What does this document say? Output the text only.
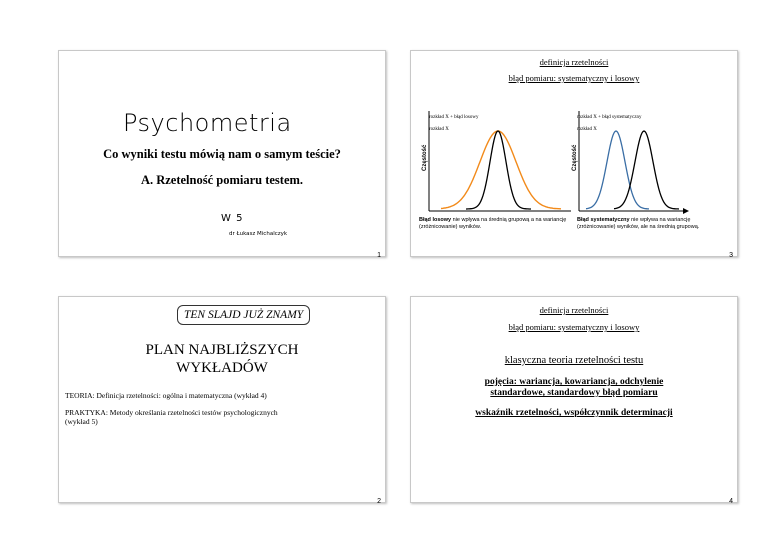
Psychometria
Co wyniki testu mówią nam o samym teście?
A. Rzetelność pomiaru testem.
W 5
dr Łukasz Michalczyk
1
definicja rzetelności
błąd pomiaru: systematyczny i losowy
Częstość	Częstość
rozkład X + błąd losowy
rozkład X
rozkład X + błąd systematyczny
rozkład X
Błąd losowy nie wpływa na średnią grupową a na wariancję (zróżnicowanie) wyników.
Błąd systematyczny nie wpływa na wariancję (zróżnicowanie) wyników, ale na średnią grupową.
3
TEN SLAJD JUŻ ZNAMY
PLAN NAJBLIŻSZYCH
WYKŁADÓW
TEORIA: Definicja rzetelności: ogólna i matematyczna (wykład 4)
PRAKTYKA: Metody określania rzetelności testów psychologicznych (wykład 5)
2
definicja rzetelności
błąd pomiaru: systematyczny i losowy
klasyczna teoria rzetelności testu
pojęcia: wariancja, kowariancja, odchylenie
standardowe, standardowy błąd pomiaru
wskaźnik rzetelności, współczynnik determinacji
4
